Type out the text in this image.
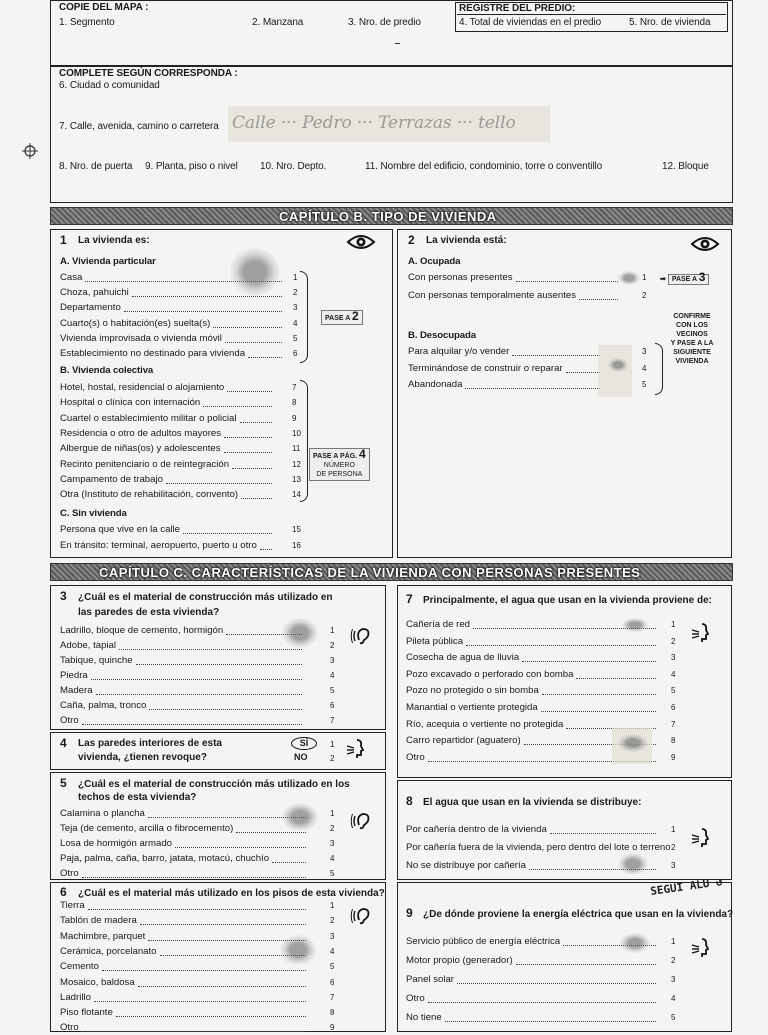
COPIE DEL MAPA :
1. Segmento	2. Manzana	3. Nro. de predio
REGISTRE DEL PREDIO:
4. Total de viviendas en el predio	5. Nro. de vivienda
COMPLETE SEGÚN CORRESPONDA :
6. Ciudad o comunidad
7. Calle, avenida, camino o carretera Calle ··· Pedro ··· Terrazas ··· tello
8. Nro. de puerta 9. Planta, piso o nivel 10. Nro. Depto.	11. Nombre del edificio, condominio, torre o conventillo	12. Bloque
CAPÍTULO B. TIPO DE VIVIENDA
1 La vivienda es:
A. Vivienda particular
Casa	1
Choza, pahuichi	2
Departamento	3
Cuarto(s) o habitación(es) suelta(s)	4
Vivienda improvisada o vivienda móvil	5
Establecimiento no destinado para vivienda	6
B. Vivienda colectiva
Hotel, hostal, residencial o alojamiento	7
Hospital o clínica con internación	8
Cuartel o establecimiento militar o policial	9
Residencia o otro de adultos mayores	10
Albergue de niñas(os) y adolescentes	11
Recinto penitenciario o de reintegración	12
Campamento de trabajo	13
Otra (Instituto de rehabilitación, convento)	14
C. Sin vivienda
Persona que vive en la calle	15
En tránsito: terminal, aeropuerto, puerto u otro	16
PASE A 2
PASE A PÁG. 4
NÚMERO
DE PERSONA
2 La vivienda está:
A. Ocupada
Con personas presentes	1
Con personas temporalmente ausentes	2
B. Desocupada
Para alquilar y/o vender	3
Terminándose de construir o reparar	4
Abandonada	5
➡ PASE A 3
CONFIRME
CON LOS
VECINOS
Y PASE A LA
SIGUIENTE
VIVIENDA
CAPÍTULO C. CARACTERÍSTICAS DE LA VIVIENDA CON PERSONAS PRESENTES
3 ¿Cuál es el material de construcción más utilizado en
las paredes de esta vivienda?
Ladrillo, bloque de cemento, hormigón	1
Adobe, tapial	2
Tabique, quinche	3
Piedra	4
Madera	5
Caña, palma, tronco	6
Otro	7
4 Las paredes interiores de esta
vivienda, ¿tienen revoque?
SÍ
NO
1
2
5 ¿Cuál es el material de construcción más utilizado en los
techos de esta vivienda?
Calamina o plancha	1
Teja (de cemento, arcilla o fibrocemento)	2
Losa de hormigón armado	3
Paja, palma, caña, barro, jatata, motacú, chuchío	4
Otro	5
6 ¿Cuál es el material más utilizado en los pisos de esta vivienda?
Tierra	1
Tablón de madera	2
Machimbre, parquet	3
Cerámica, porcelanato	4
Cemento	5
Mosaico, baldosa	6
Ladrillo	7
Piso flotante	8
Otro	9
7 Principalmente, el agua que usan en la vivienda proviene de:
Cañería de red	1
Pileta pública	2
Cosecha de agua de lluvia	3
Pozo excavado o perforado con bomba	4
Pozo no protegido o sin bomba	5
Manantial o vertiente protegida	6
Río, acequia o vertiente no protegida	7
Carro repartidor (aguatero)	8
Otro	9
8 El agua que usan en la vivienda se distribuye:
Por cañería dentro de la vivienda	1
Por cañería fuera de la vivienda, pero dentro del lote o terreno 2
No se distribuye por cañería	3
SEGUI ALU ↺
9 ¿De dónde proviene la energía eléctrica que usan en la vivienda?
Servicio público de energía eléctrica	1
Motor propio (generador)	2
Panel solar	3
Otro	4
No tiene	5
